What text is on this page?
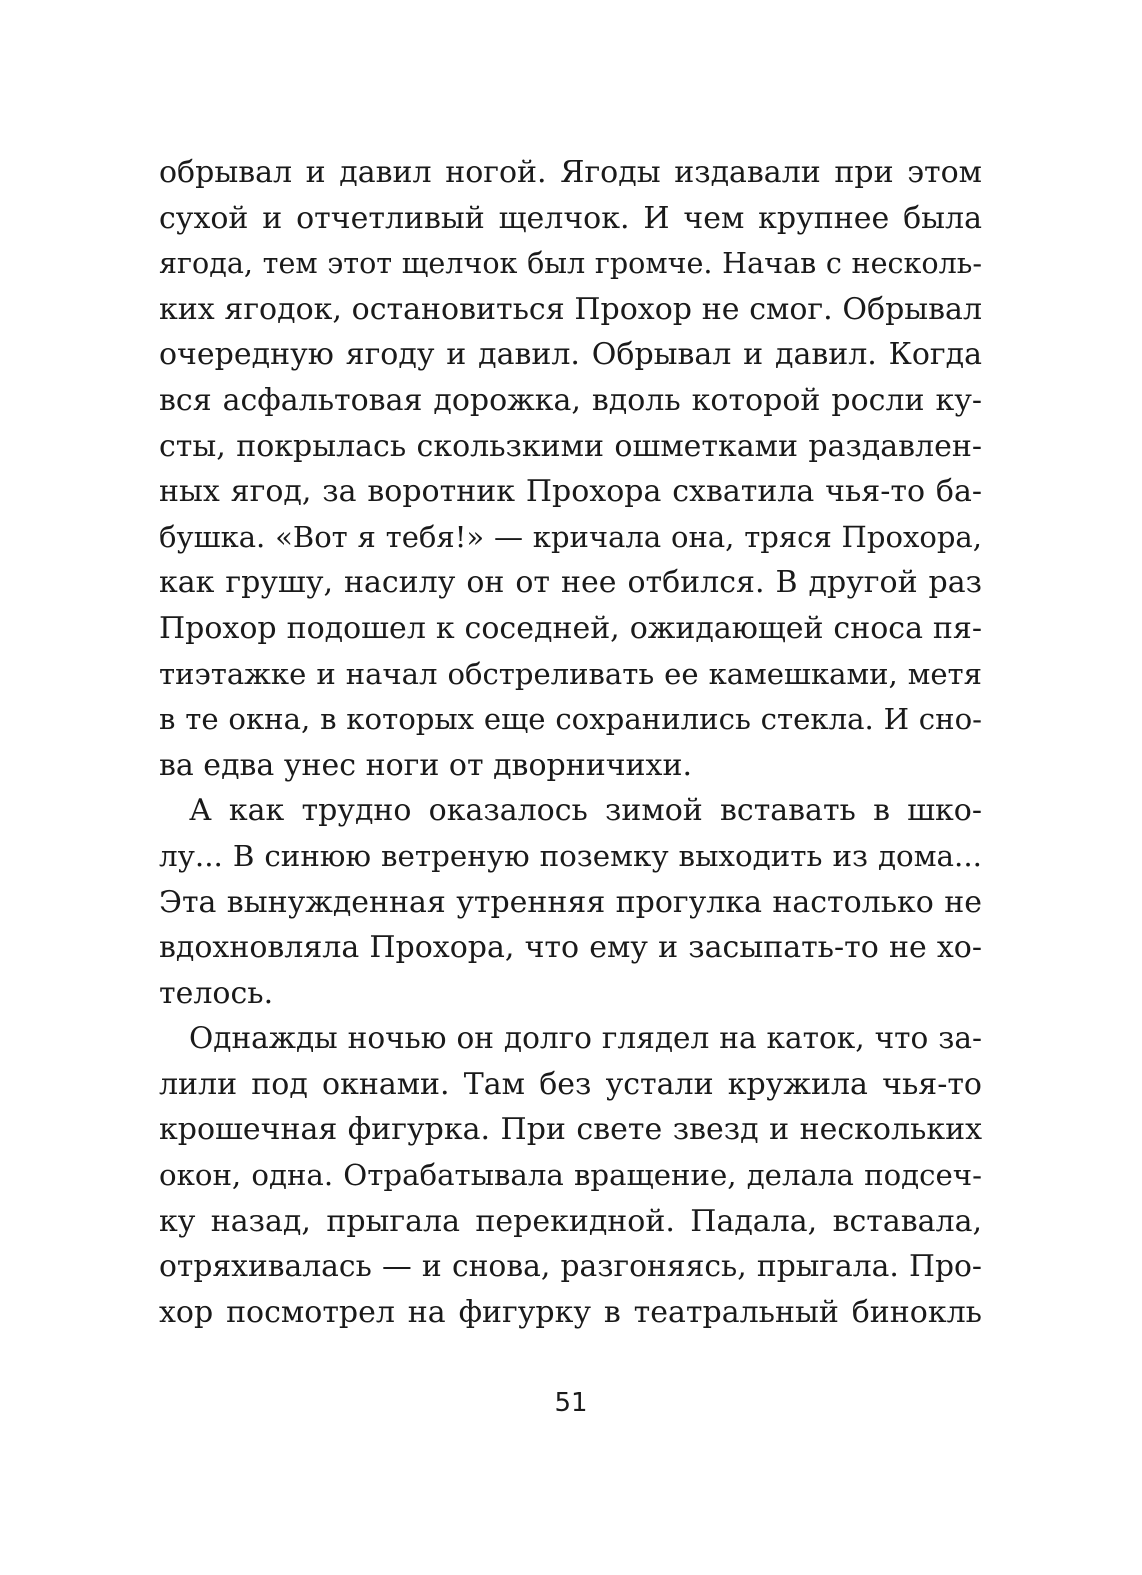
обрывал и давил ногой. Ягоды издавали при этом
сухой и отчетливый щелчок. И чем крупнее была
ягода, тем этот щелчок был громче. Начав с несколь-
ких ягодок, остановиться Прохор не смог. Обрывал
очередную ягоду и давил. Обрывал и давил. Когда
вся асфальтовая дорожка, вдоль которой росли ку-
сты, покрылась скользкими ошметками раздавлен-
ных ягод, за воротник Прохора схватила чья-то ба-
бушка. «Вот я тебя!» — кричала она, тряся Прохора,
как грушу, насилу он от нее отбился. В другой раз
Прохор подошел к соседней, ожидающей сноса пя-
тиэтажке и начал обстреливать ее камешками, метя
в те окна, в которых еще сохранились стекла. И сно-
ва едва унес ноги от дворничихи.
А как трудно оказалось зимой вставать в шко-
лу... В синюю ветреную поземку выходить из дома...
Эта вынужденная утренняя прогулка настолько не
вдохновляла Прохора, что ему и засыпать-то не хо-
телось.
Однажды ночью он долго глядел на каток, что за-
лили под окнами. Там без устали кружила чья-то
крошечная фигурка. При свете звезд и нескольких
окон, одна. Отрабатывала вращение, делала подсеч-
ку назад, прыгала перекидной. Падала, вставала,
отряхивалась — и снова, разгоняясь, прыгала. Про-
хор посмотрел на фигурку в театральный бинокль
51
